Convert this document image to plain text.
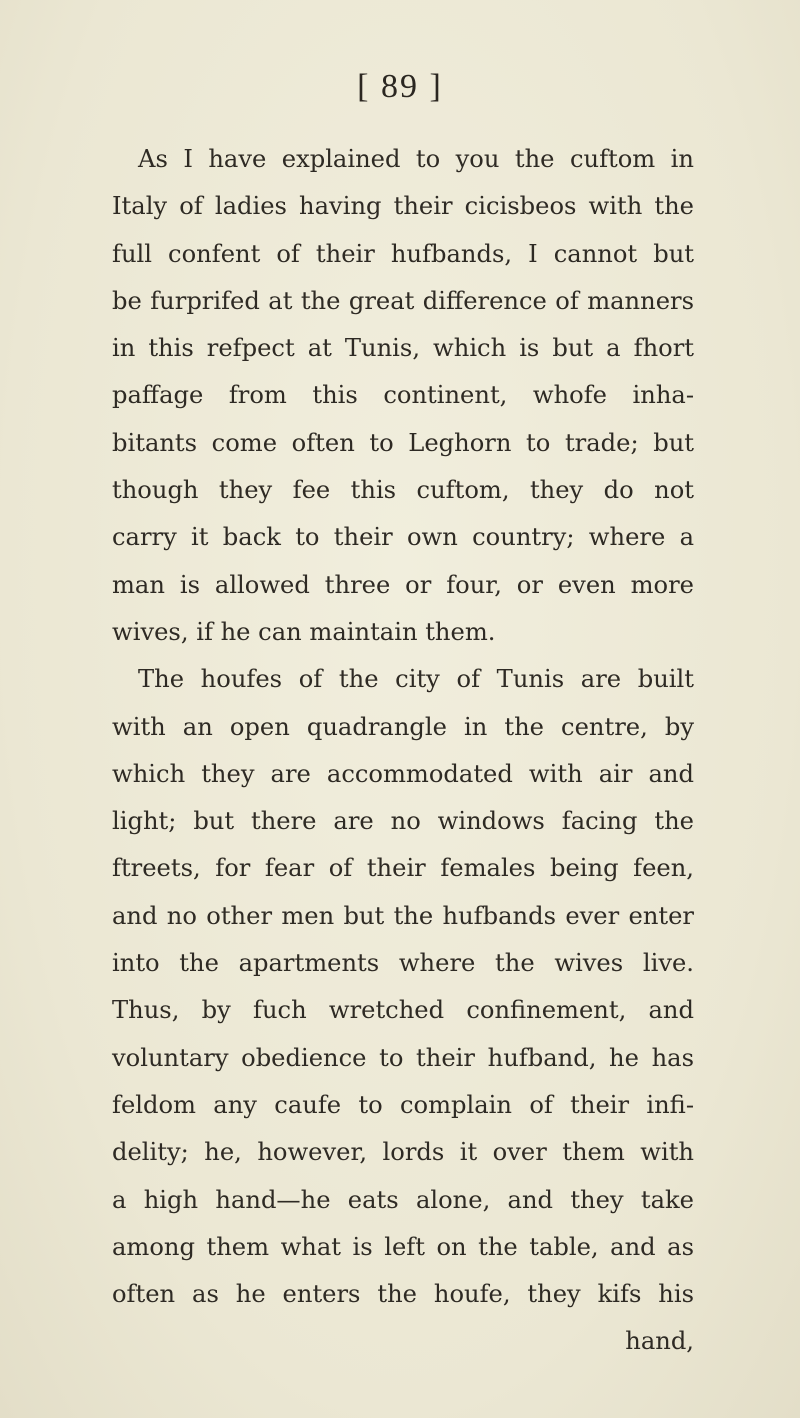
[ 89 ]
As I have explained to you the cuftom in
Italy of ladies having their cicisbeos with the
full confent of their hufbands, I cannot but
be furprifed at the great difference of manners
in this refpect at Tunis, which is but a fhort
paffage from this continent, whofe inha-
bitants come often to Leghorn to trade; but
though they fee this cuftom, they do not
carry it back to their own country; where a
man is allowed three or four, or even more
wives, if he can maintain them.
The houfes of the city of Tunis are built
with an open quadrangle in the centre, by
which they are accommodated with air and
light; but there are no windows facing the
ftreets, for fear of their females being feen,
and no other men but the hufbands ever enter
into the apartments where the wives live.
Thus, by fuch wretched confinement, and
voluntary obedience to their hufband, he has
feldom any caufe to complain of their infi-
delity; he, however, lords it over them with
a high hand—he eats alone, and they take
among them what is left on the table, and as
often as he enters the houfe, they kifs his
hand,
